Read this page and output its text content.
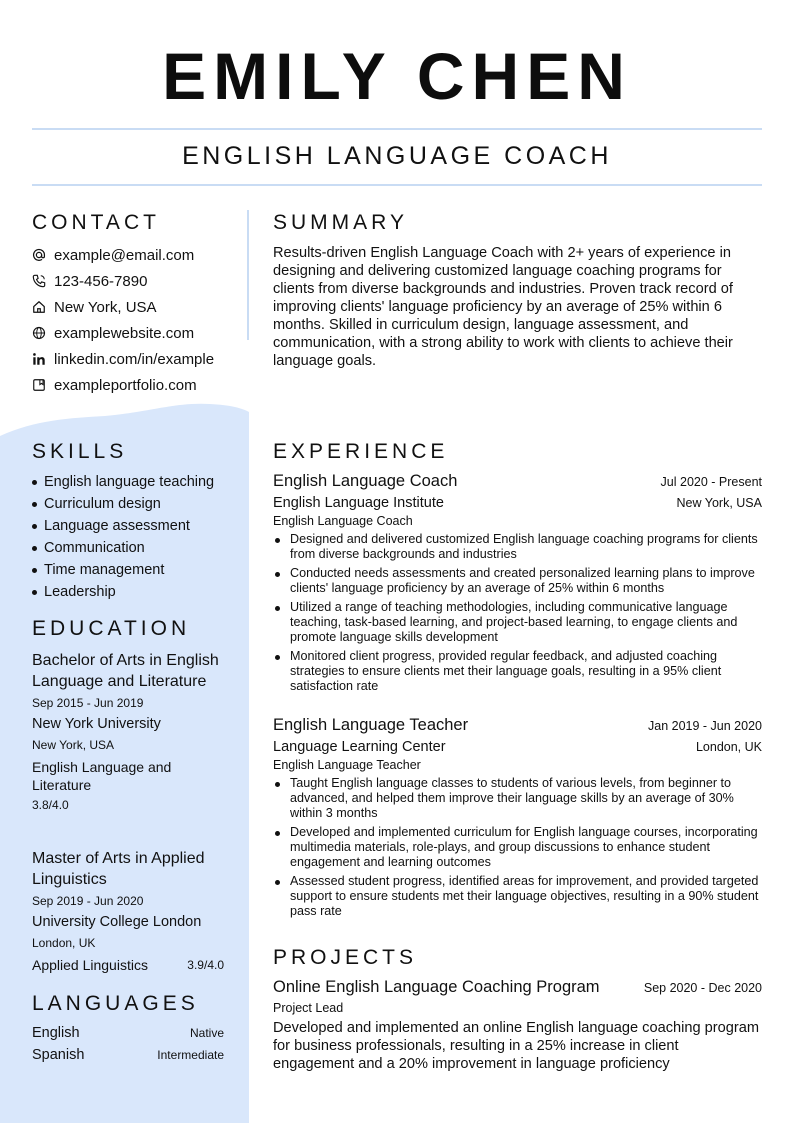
EMILY CHEN
ENGLISH LANGUAGE COACH
CONTACT
example@email.com
123-456-7890
New York, USA
examplewebsite.com
linkedin.com/in/example
exampleportfolio.com
SKILLS
English language teaching
Curriculum design
Language assessment
Communication
Time management
Leadership
EDUCATION
Bachelor of Arts in English Language and Literature
Sep 2015 - Jun 2019
New York University
New York, USA
English Language and Literature
3.8/4.0
Master of Arts in Applied Linguistics
Sep 2019 - Jun 2020
University College London
London, UK
Applied Linguistics	3.9/4.0
LANGUAGES
English	Native
Spanish	Intermediate
SUMMARY
Results-driven English Language Coach with 2+ years of experience in designing and delivering customized language coaching programs for clients from diverse backgrounds and industries. Proven track record of improving clients' language proficiency by an average of 25% within 6 months. Skilled in curriculum design, language assessment, and communication, with a strong ability to work with clients to achieve their language goals.
EXPERIENCE
English Language Coach	Jul 2020 - Present
English Language Institute	New York, USA
English Language Coach
Designed and delivered customized English language coaching programs for clients from diverse backgrounds and industries
Conducted needs assessments and created personalized learning plans to improve clients' language proficiency by an average of 25% within 6 months
Utilized a range of teaching methodologies, including communicative language teaching, task-based learning, and project-based learning, to engage clients and promote language skills development
Monitored client progress, provided regular feedback, and adjusted coaching strategies to ensure clients met their language goals, resulting in a 95% client satisfaction rate
English Language Teacher	Jan 2019 - Jun 2020
Language Learning Center	London, UK
English Language Teacher
Taught English language classes to students of various levels, from beginner to advanced, and helped them improve their language skills by an average of 30% within 3 months
Developed and implemented curriculum for English language courses, incorporating multimedia materials, role-plays, and group discussions to enhance student engagement and learning outcomes
Assessed student progress, identified areas for improvement, and provided targeted support to ensure students met their language objectives, resulting in a 90% student pass rate
PROJECTS
Online English Language Coaching Program	Sep 2020 - Dec 2020
Project Lead
Developed and implemented an online English language coaching program for business professionals, resulting in a 25% increase in client engagement and a 20% improvement in language proficiency
